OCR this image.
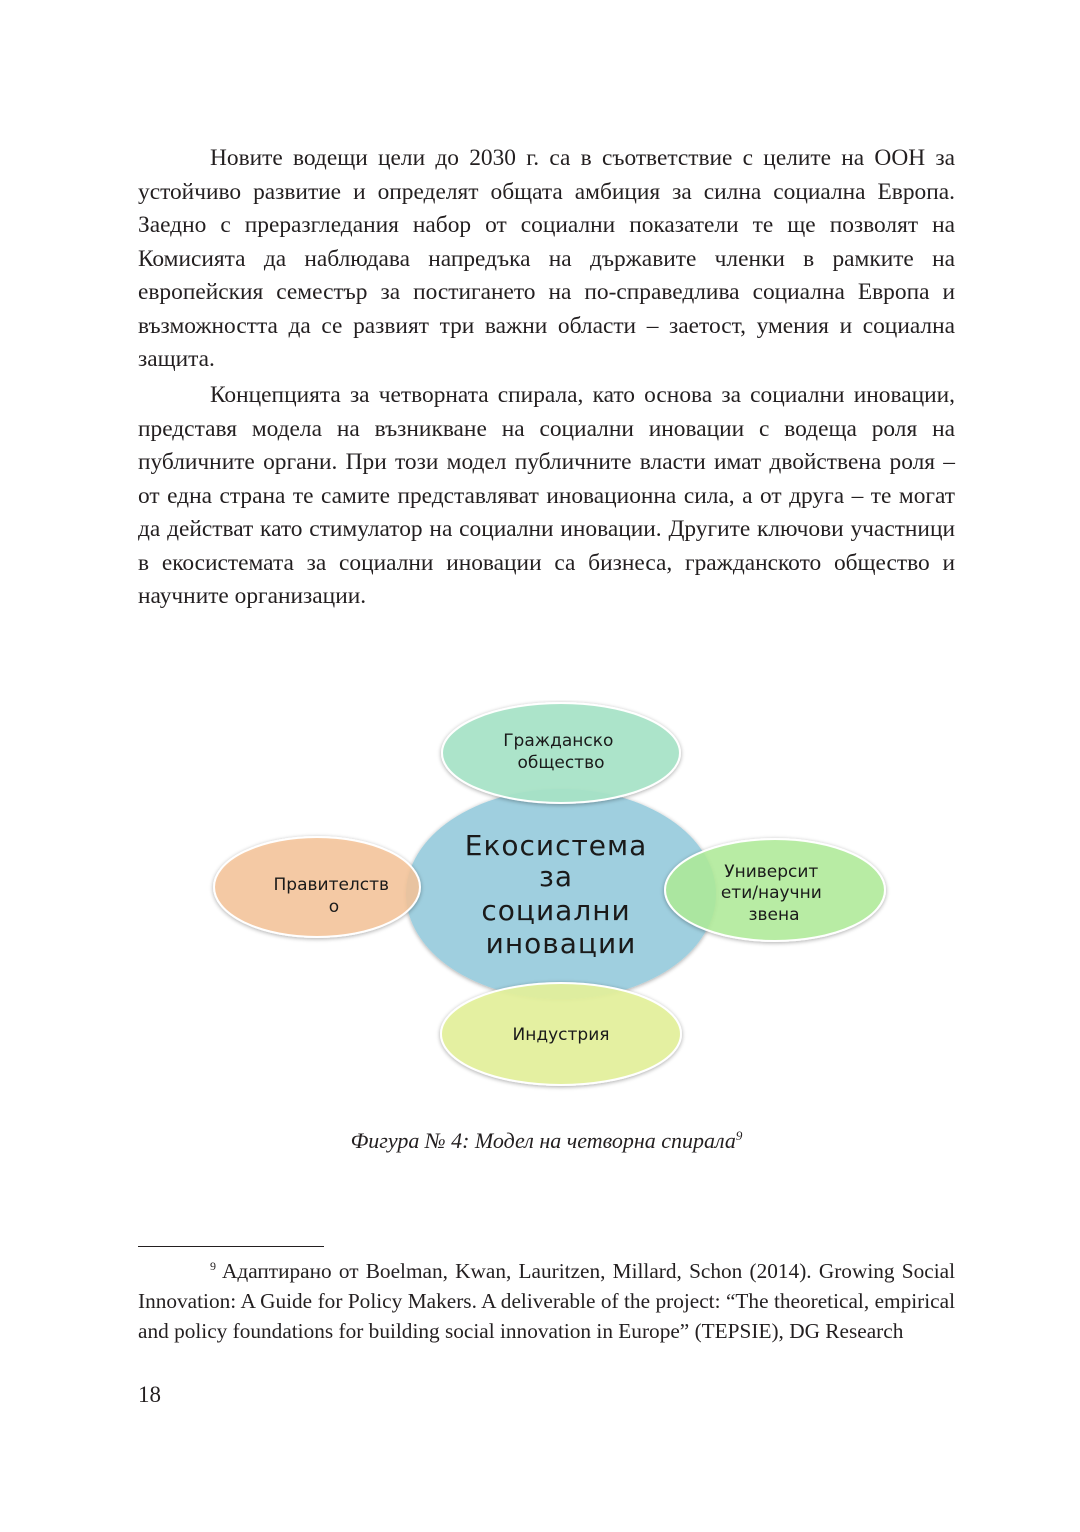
Новите водещи цели до 2030 г. са в съответствие с целите на ООН за устойчиво развитие и определят общата амбиция за силна социална Европа. Заедно с преразгледания набор от социални показатели те ще позволят на Комисията да наблюдава напредъка на държавите членки в рамките на европейския семестър за постигането на по-справедлива социална Европа и възможността да се развият три важни области – заетост, умения и социална защита.

Концепцията за четворната спирала, като основа за социални иновации, представя модела на възникване на социални иновации с водеща роля на публичните органи. При този модел публичните власти имат двойствена роля – от една страна те самите представляват иновационна сила, а от друга – те могат да действат като стимулатор на социални иновации. Другите ключови участници в екосистемата за социални иновации са бизнеса, гражданското общество и научните организации.

Екосистема за социални иновации
Гражданско общество
Правителств о
Университ ети/научни звена
Индустрия

Фигура № 4: Модел на четворна спирала$^9$

$^9$ Адаптирано от Boelman, Kwan, Lauritzen, Millard, Schon (2014). Growing Social Innovation: A Guide for Policy Makers. A deliverable of the project: “The theoretical, empirical and policy foundations for building social innovation in Europe” (TEPSIE), DG Research

18
